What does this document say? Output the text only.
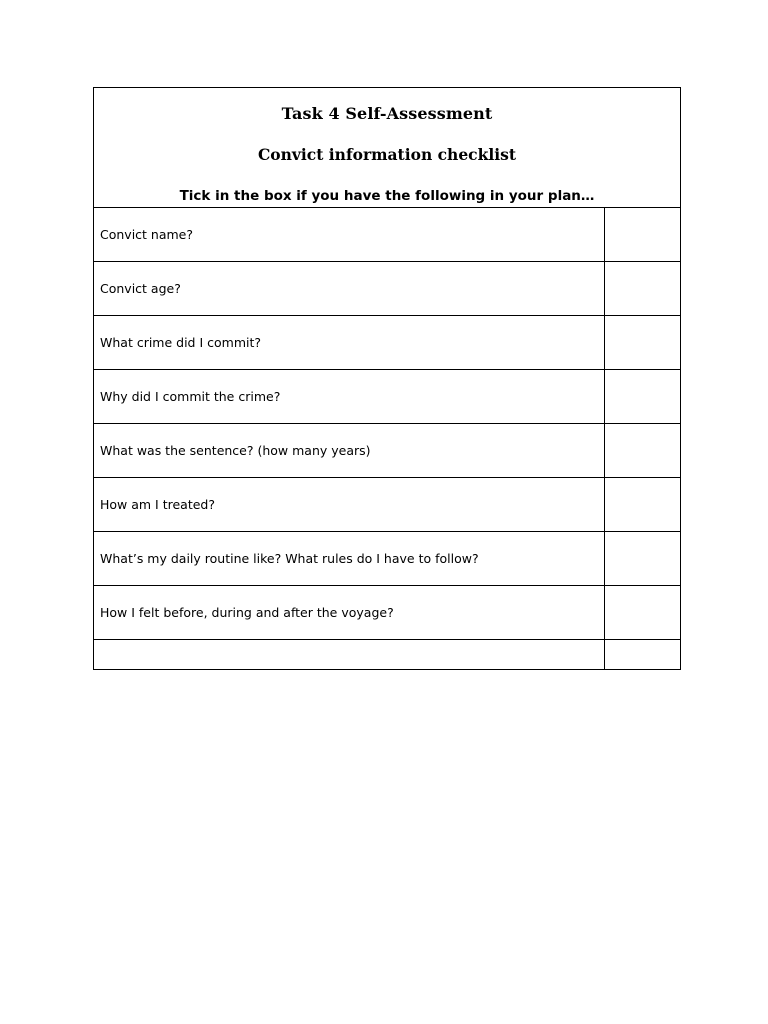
Task 4 Self-Assessment
Convict information checklist
Tick in the box if you have the following in your plan…
Convict name?
Convict age?
What crime did I commit?
Why did I commit the crime?
What was the sentence? (how many years)
How am I treated?
What’s my daily routine like? What rules do I have to follow?
How I felt before, during and after the voyage?
